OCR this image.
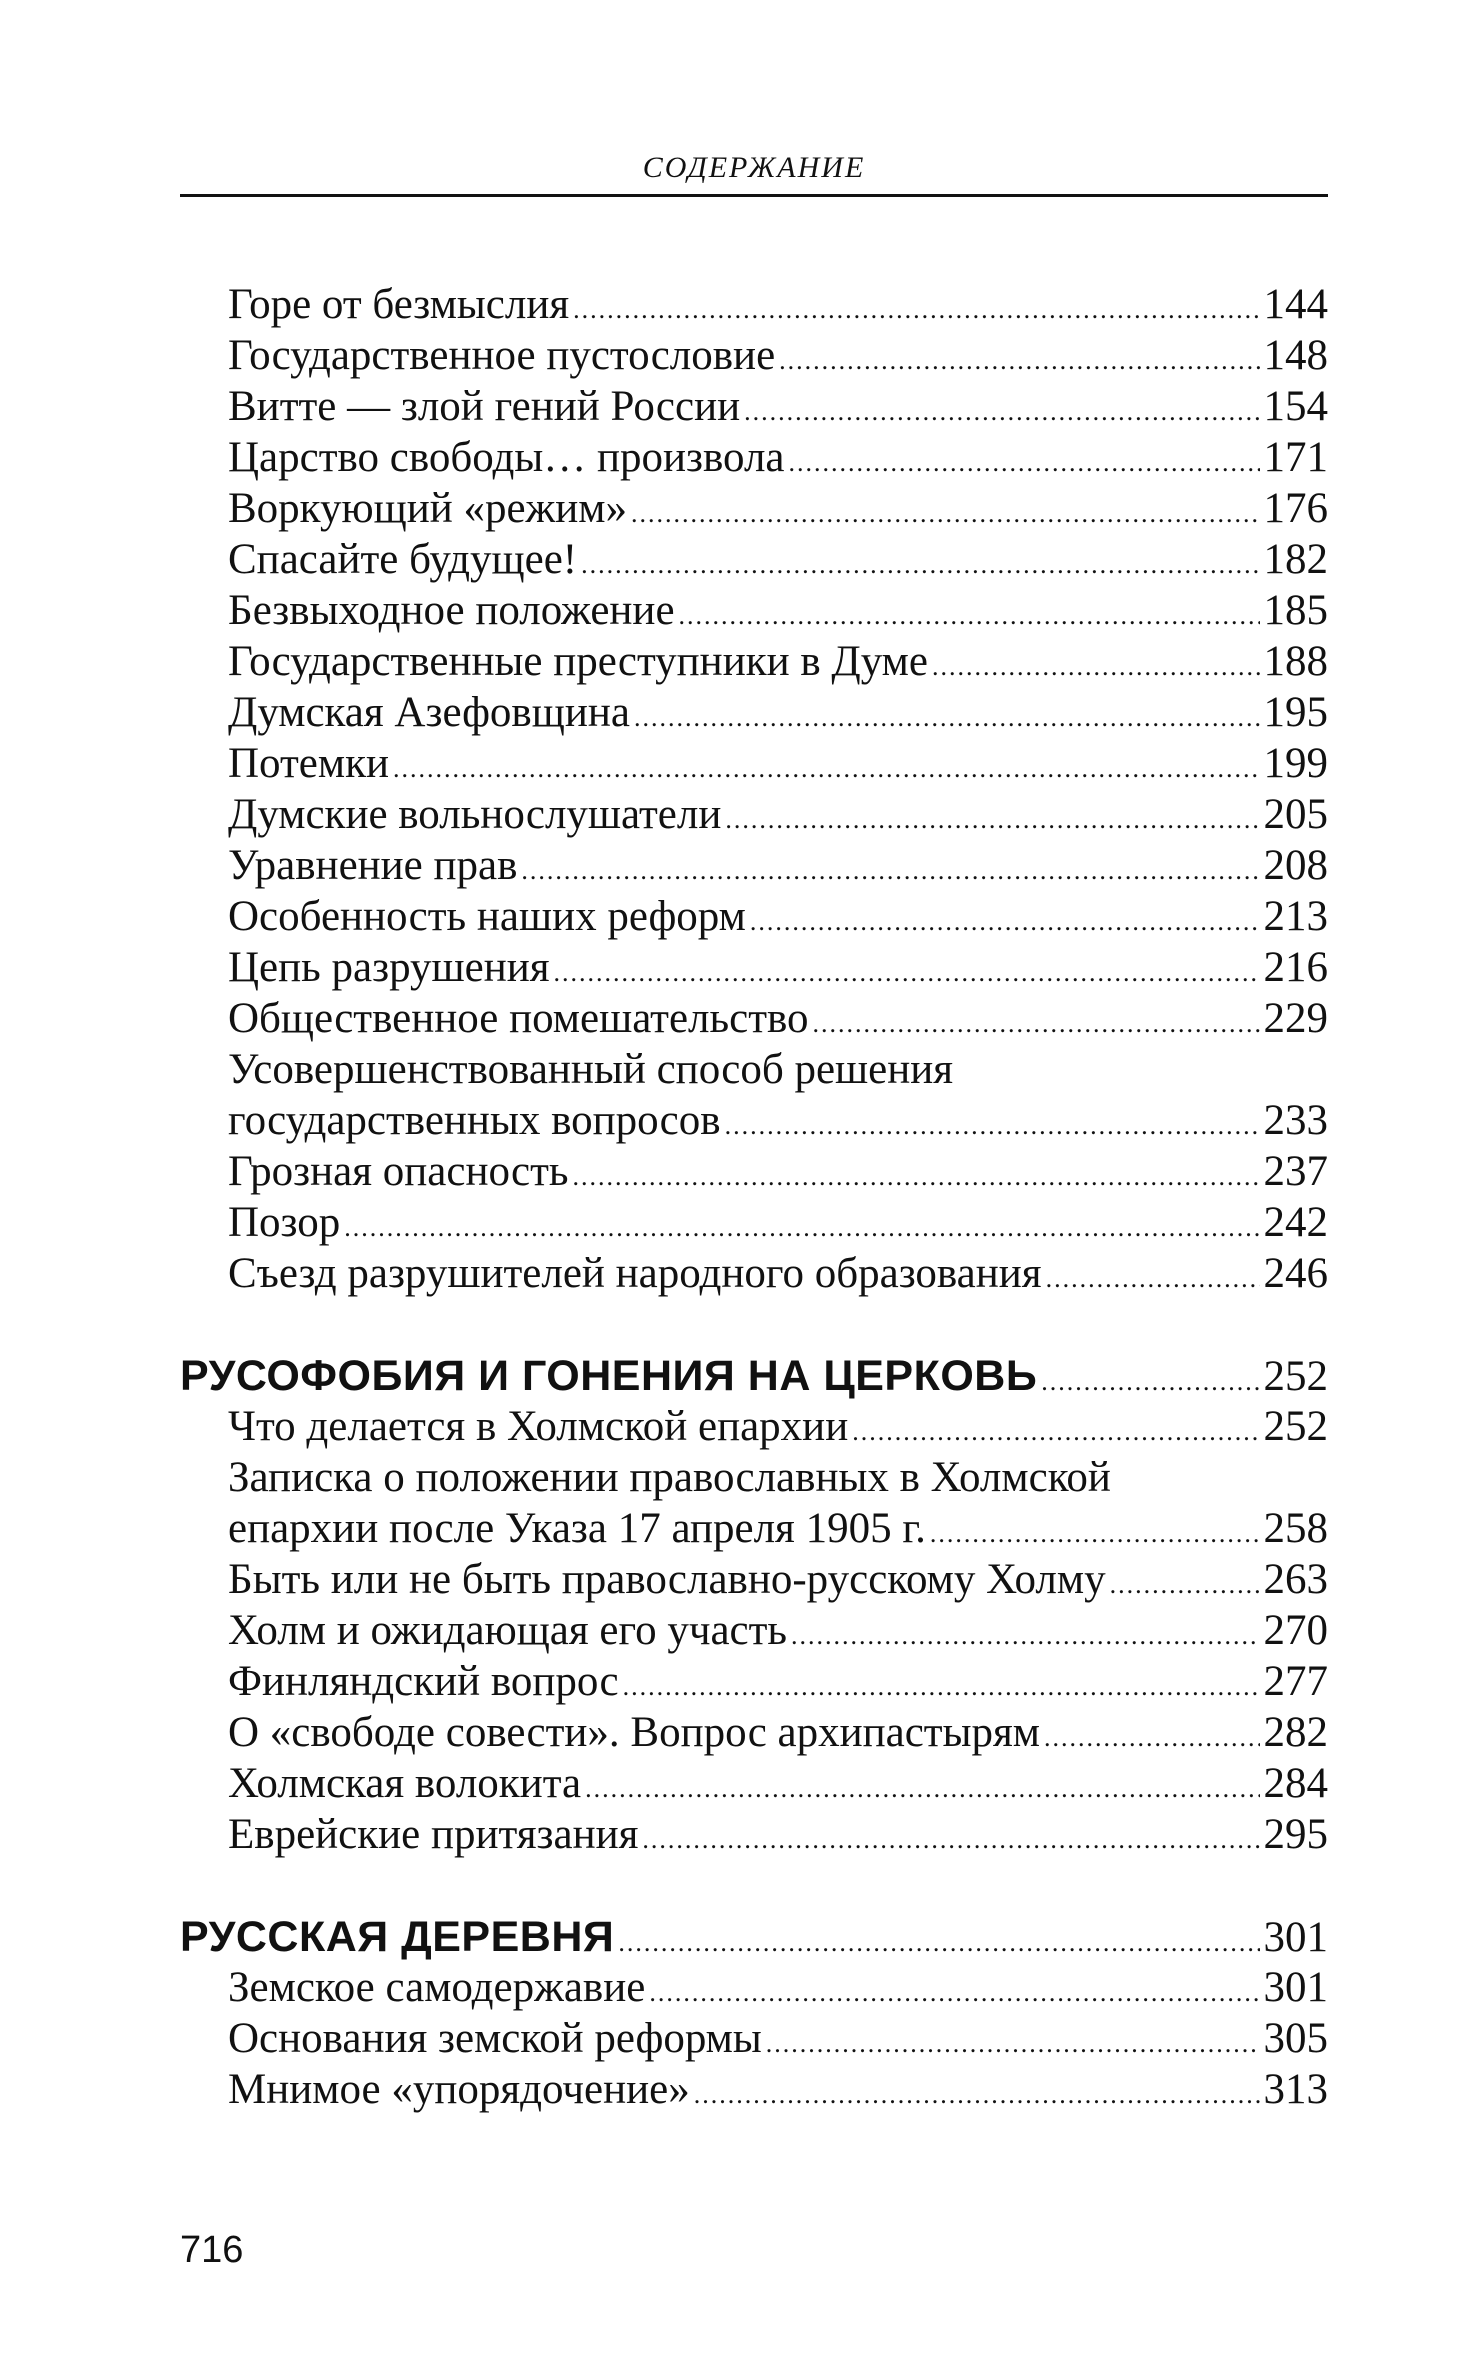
СОДЕРЖАНИЕ
Горе от безмыслия .....	144
Государственное пустословие .....	148
Витте — злой гений России .....	154
Царство свободы… произвола .....	171
Воркующий «режим» .....	176
Спасайте будущее! .....	182
Безвыходное положение .....	185
Государственные преступники в Думе .....	188
Думская Азефовщина .....	195
Потемки .....	199
Думские вольнослушатели .....	205
Уравнение прав .....	208
Особенность наших реформ .....	213
Цепь разрушения .....	216
Общественное помешательство .....	229
Усовершенствованный способ решения
государственных вопросов .....	233
Грозная опасность .....	237
Позор .....	242
Съезд разрушителей народного образования .....	246
РУСОФОБИЯ И ГОНЕНИЯ НА ЦЕРКОВЬ .....	252
Что делается в Холмской епархии .....	252
Записка о положении православных в Холмской
епархии после Указа 17 апреля 1905 г. .....	258
Быть или не быть православно-русскому Холму .....	263
Холм и ожидающая его участь .....	270
Финляндский вопрос .....	277
О «свободе совести». Вопрос архипастырям .....	282
Холмская волокита .....	284
Еврейские притязания .....	295
РУССКАЯ ДЕРЕВНЯ .....	301
Земское самодержавие .....	301
Основания земской реформы .....	305
Мнимое «упорядочение» .....	313
716
